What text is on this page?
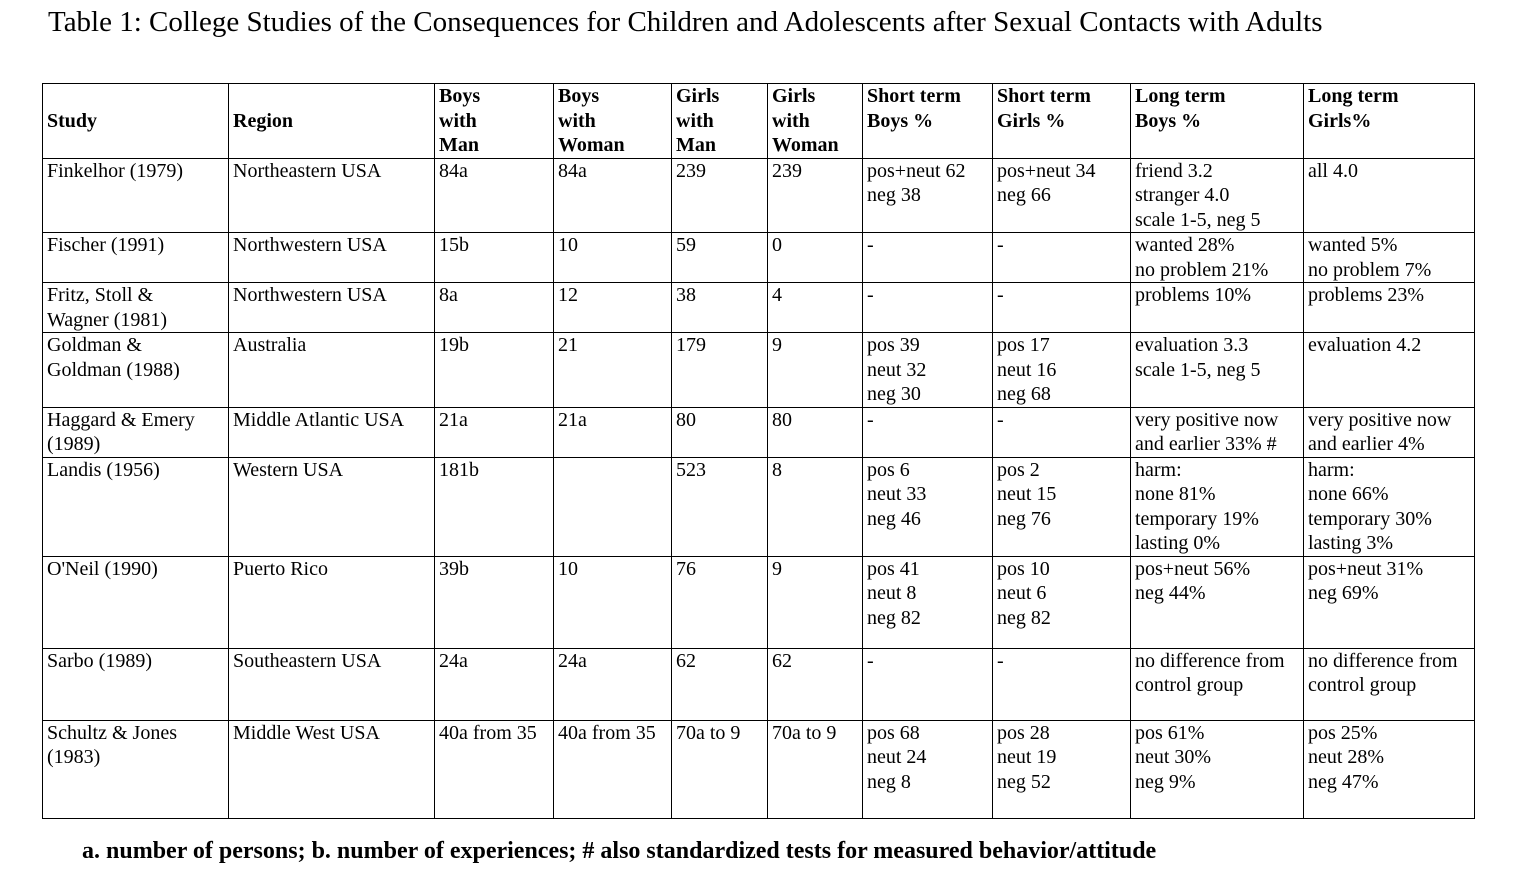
Table 1: College Studies of the Consequences for Children and Adolescents after Sexual Contacts with Adults

Study	Region	Boys
with
Man	Boys
with
Woman	Girls
with
Man	Girls
with
Woman	Short term
Boys %	Short term
Girls %	Long term
Boys %	Long term
Girls%

Finkelhor (1979)	Northeastern USA	84a	84a	239	239	pos+neut 62
neg 38	pos+neut 34
neg 66	friend 3.2
stranger 4.0
scale 1-5, neg 5	all 4.0

Fischer (1991)	Northwestern USA	15b	10	59	0	-	-	wanted 28%
no problem 21%	wanted 5%
no problem 7%

Fritz, Stoll &
Wagner (1981)	Northwestern USA	8a	12	38	4	-	-	problems 10%	problems 23%

Goldman &
Goldman (1988)	Australia	19b	21	179	9	pos 39
neut 32
neg 30	pos 17
neut 16
neg 68	evaluation 3.3
scale 1-5, neg 5	evaluation 4.2

Haggard & Emery
(1989)	Middle Atlantic USA	21a	21a	80	80	-	-	very positive now
and earlier 33% #	very positive now
and earlier 4%

Landis (1956)	Western USA	181b		523	8	pos 6
neut 33
neg 46	pos 2
neut 15
neg 76	harm:
none 81%
temporary 19%
lasting 0%	harm:
none 66%
temporary 30%
lasting 3%

O'Neil (1990)	Puerto Rico	39b	10	76	9	pos 41
neut 8
neg 82	pos 10
neut 6
neg 82	pos+neut 56%
neg 44%	pos+neut 31%
neg 69%

Sarbo (1989)	Southeastern USA	24a	24a	62	62	-	-	no difference from
control group	no difference from
control group

Schultz & Jones
(1983)	Middle West USA	40a from 35	40a from 35	70a to 9	70a to 9	pos 68
neut 24
neg 8	pos 28
neut 19
neg 52	pos 61%
neut 30%
neg 9%	pos 25%
neut 28%
neg 47%
a. number of persons; b. number of experiences; # also standardized tests for measured behavior/attitude
